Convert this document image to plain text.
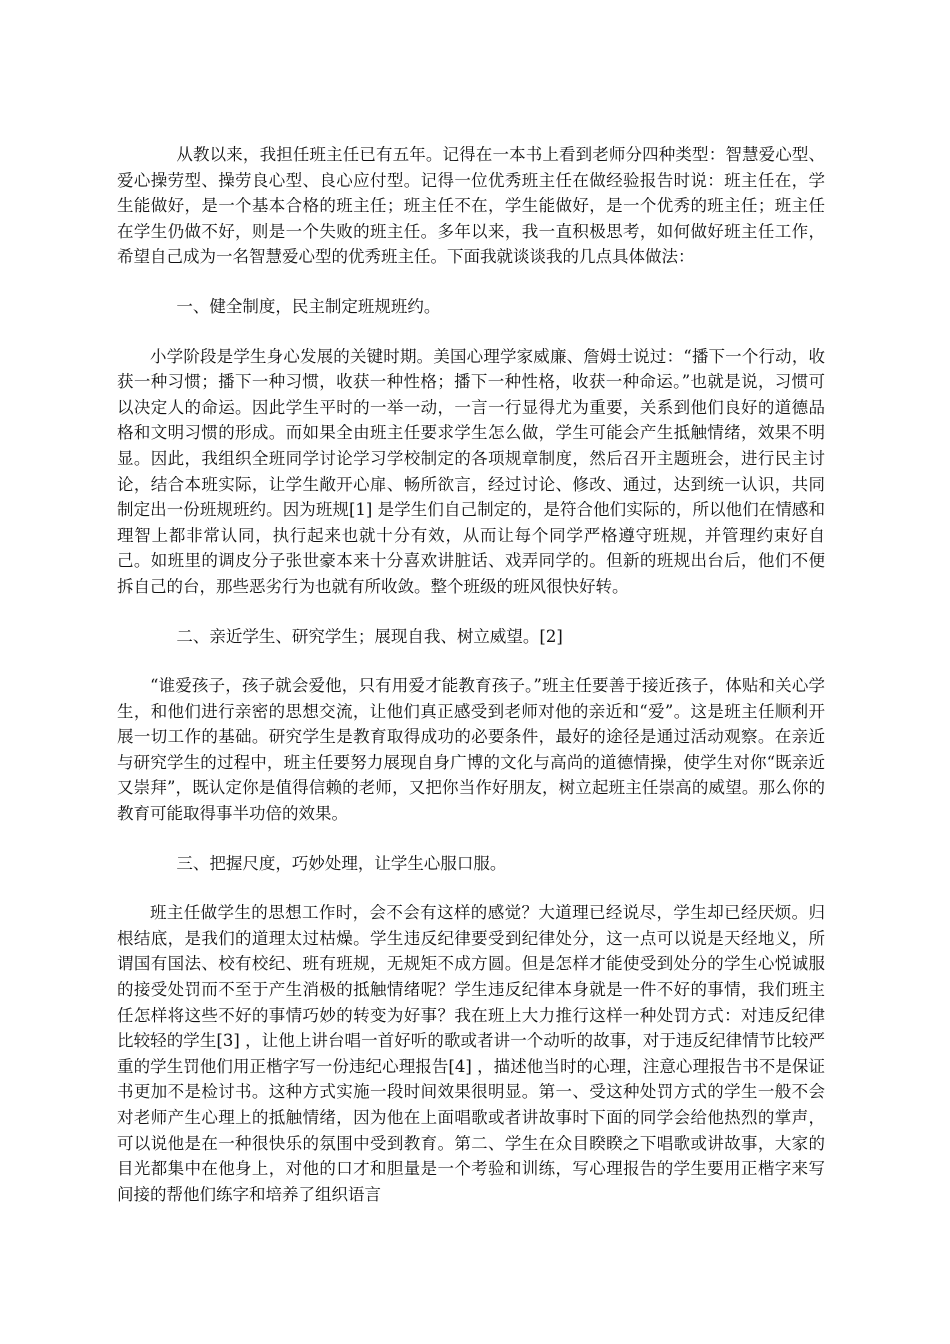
从教以来，我担任班主任已有五年。记得在一本书上看到老师分四种类型：智慧爱心型、爱心操劳型、操劳良心型、良心应付型。记得一位优秀班主任在做经验报告时说：班主任在，学生能做好，是一个基本合格的班主任；班主任不在，学生能做好，是一个优秀的班主任；班主任在学生仍做不好，则是一个失败的班主任。多年以来，我一直积极思考，如何做好班主任工作，希望自己成为一名智慧爱心型的优秀班主任。下面我就谈谈我的几点具体做法：

一、健全制度，民主制定班规班约。

小学阶段是学生身心发展的关键时期。美国心理学家威廉、詹姆士说过：“播下一个行动，收获一种习惯；播下一种习惯，收获一种性格；播下一种性格，收获一种命运。”也就是说，习惯可以决定人的命运。因此学生平时的一举一动，一言一行显得尤为重要，关系到他们良好的道德品格和文明习惯的形成。而如果全由班主任要求学生怎么做，学生可能会产生抵触情绪，效果不明显。因此，我组织全班同学讨论学习学校制定的各项规章制度，然后召开主题班会，进行民主讨论，结合本班实际，让学生敞开心扉、畅所欲言，经过讨论、修改、通过，达到统一认识，共同制定出一份班规班约。因为班规[1] 是学生们自己制定的，是符合他们实际的，所以他们在情感和理智上都非常认同，执行起来也就十分有效，从而让每个同学严格遵守班规，并管理约束好自己。如班里的调皮分子张世豪本来十分喜欢讲脏话、戏弄同学的。但新的班规出台后，他们不便拆自己的台，那些恶劣行为也就有所收敛。整个班级的班风很快好转。

二、亲近学生、研究学生；展现自我、树立威望。[2]

“谁爱孩子，孩子就会爱他，只有用爱才能教育孩子。”班主任要善于接近孩子，体贴和关心学生，和他们进行亲密的思想交流，让他们真正感受到老师对他的亲近和“爱”。这是班主任顺利开展一切工作的基础。研究学生是教育取得成功的必要条件，最好的途径是通过活动观察。在亲近与研究学生的过程中，班主任要努力展现自身广博的文化与高尚的道德情操，使学生对你“既亲近又崇拜”，既认定你是值得信赖的老师，又把你当作好朋友，树立起班主任崇高的威望。那么你的教育可能取得事半功倍的效果。

三、把握尺度，巧妙处理，让学生心服口服。

班主任做学生的思想工作时，会不会有这样的感觉？大道理已经说尽，学生却已经厌烦。归根结底，是我们的道理太过枯燥。学生违反纪律要受到纪律处分，这一点可以说是天经地义，所谓国有国法、校有校纪、班有班规，无规矩不成方圆。但是怎样才能使受到处分的学生心悦诚服的接受处罚而不至于产生消极的抵触情绪呢？学生违反纪律本身就是一件不好的事情，我们班主任怎样将这些不好的事情巧妙的转变为好事？我在班上大力推行这样一种处罚方式：对违反纪律比较轻的学生[3] ，让他上讲台唱一首好听的歌或者讲一个动听的故事，对于违反纪律情节比较严重的学生罚他们用正楷字写一份违纪心理报告[4] ，描述他当时的心理，注意心理报告书不是保证书更加不是检讨书。这种方式实施一段时间效果很明显。第一、受这种处罚方式的学生一般不会对老师产生心理上的抵触情绪，因为他在上面唱歌或者讲故事时下面的同学会给他热烈的掌声，可以说他是在一种很快乐的氛围中受到教育。第二、学生在众目睽睽之下唱歌或讲故事，大家的目光都集中在他身上，对他的口才和胆量是一个考验和训练，写心理报告的学生要用正楷字来写间接的帮他们练字和培养了组织语言
